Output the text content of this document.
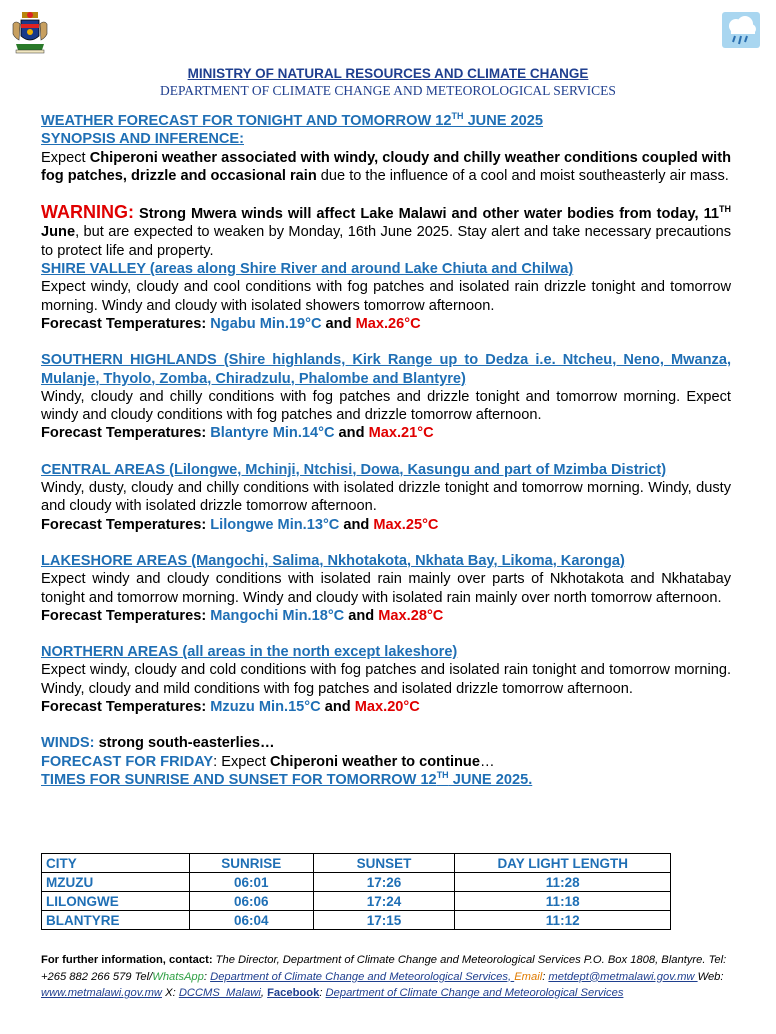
MINISTRY OF NATURAL RESOURCES AND CLIMATE CHANGE
DEPARTMENT OF CLIMATE CHANGE AND METEOROLOGICAL SERVICES

WEATHER FORECAST FOR TONIGHT AND TOMORROW 12TH JUNE 2025

SYNOPSIS AND INFERENCE:

Expect Chiperoni weather associated with windy, cloudy and chilly weather conditions coupled with fog patches, drizzle and occasional rain due to the influence of a cool and moist southeasterly air mass.

WARNING: Strong Mwera winds will affect Lake Malawi and other water bodies from today, 11TH June, but are expected to weaken by Monday, 16th June 2025. Stay alert and take necessary precautions to protect life and property.

SHIRE VALLEY (areas along Shire River and around Lake Chiuta and Chilwa)

Expect windy, cloudy and cool conditions with fog patches and isolated rain drizzle tonight and tomorrow morning. Windy and cloudy with isolated showers tomorrow afternoon.

Forecast Temperatures: Ngabu Min.19°C and Max.26°C

SOUTHERN HIGHLANDS (Shire highlands, Kirk Range up to Dedza i.e. Ntcheu, Neno, Mwanza, Mulanje, Thyolo, Zomba, Chiradzulu, Phalombe and Blantyre)

Windy, cloudy and chilly conditions with fog patches and drizzle tonight and tomorrow morning. Expect windy and cloudy conditions with fog patches and drizzle tomorrow afternoon.

Forecast Temperatures: Blantyre Min.14°C and Max.21°C

CENTRAL AREAS (Lilongwe, Mchinji, Ntchisi, Dowa, Kasungu and part of Mzimba District)

Windy, dusty, cloudy and chilly conditions with isolated drizzle tonight and tomorrow morning. Windy, dusty and cloudy with isolated drizzle tomorrow afternoon.

Forecast Temperatures: Lilongwe Min.13°C and Max.25°C

LAKESHORE AREAS (Mangochi, Salima, Nkhotakota, Nkhata Bay, Likoma, Karonga)

Expect windy and cloudy conditions with isolated rain mainly over parts of Nkhotakota and Nkhatabay tonight and tomorrow morning. Windy and cloudy with isolated rain mainly over north tomorrow afternoon.

Forecast Temperatures: Mangochi Min.18°C and Max.28°C

NORTHERN AREAS (all areas in the north except lakeshore)

Expect windy, cloudy and cold conditions with fog patches and isolated rain tonight and tomorrow morning. Windy, cloudy and mild conditions with fog patches and isolated drizzle tomorrow afternoon.

Forecast Temperatures: Mzuzu Min.15°C and Max.20°C

WINDS: strong south-easterlies…

FORECAST FOR FRIDAY: Expect Chiperoni weather to continue…

TIMES FOR SUNRISE AND SUNSET FOR TOMORROW 12TH JUNE 2025.

CITY	SUNRISE	SUNSET	DAY LIGHT LENGTH
MZUZU	06:01	17:26	11:28
LILONGWE	06:06	17:24	11:18
BLANTYRE	06:04	17:15	11:12
For further information, contact: The Director, Department of Climate Change and Meteorological Services P.O. Box 1808, Blantyre. Tel: +265 882 266 579 Tel/WhatsApp: Department of Climate Change and Meteorological Services, Email: metdept@metmalawi.gov.mw Web: www.metmalawi.gov.mw X: DCCMS_Malawi, Facebook: Department of Climate Change and Meteorological Services
